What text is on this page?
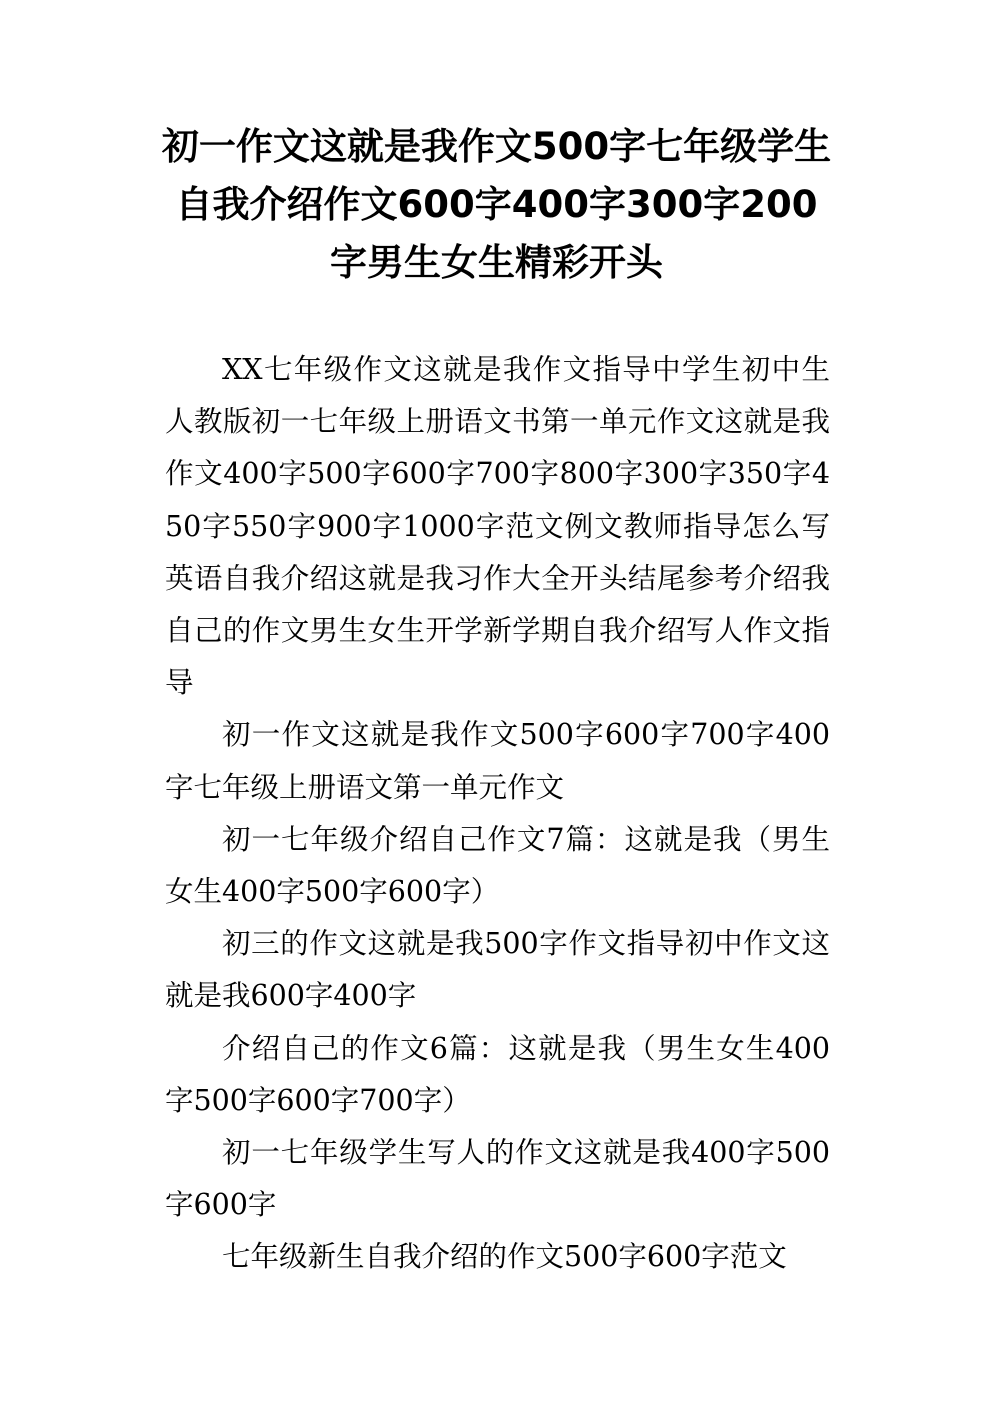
初一作文这就是我作文500字七年级学生自我介绍作文600字400字300字200字男生女生精彩开头

XX七年级作文这就是我作文指导中学生初中生人教版初一七年级上册语文书第一单元作文这就是我作文400字500字600字700字800字300字350字450字550字900字1000字范文例文教师指导怎么写英语自我介绍这就是我习作大全开头结尾参考介绍我自己的作文男生女生开学新学期自我介绍写人作文指导

初一作文这就是我作文500字600字700字400字七年级上册语文第一单元作文

初一七年级介绍自己作文7篇：这就是我（男生女生400字500字600字）

初三的作文这就是我500字作文指导初中作文这就是我600字400字

介绍自己的作文6篇：这就是我（男生女生400字500字600字700字）

初一七年级学生写人的作文这就是我400字500字600字

七年级新生自我介绍的作文500字600字范文
